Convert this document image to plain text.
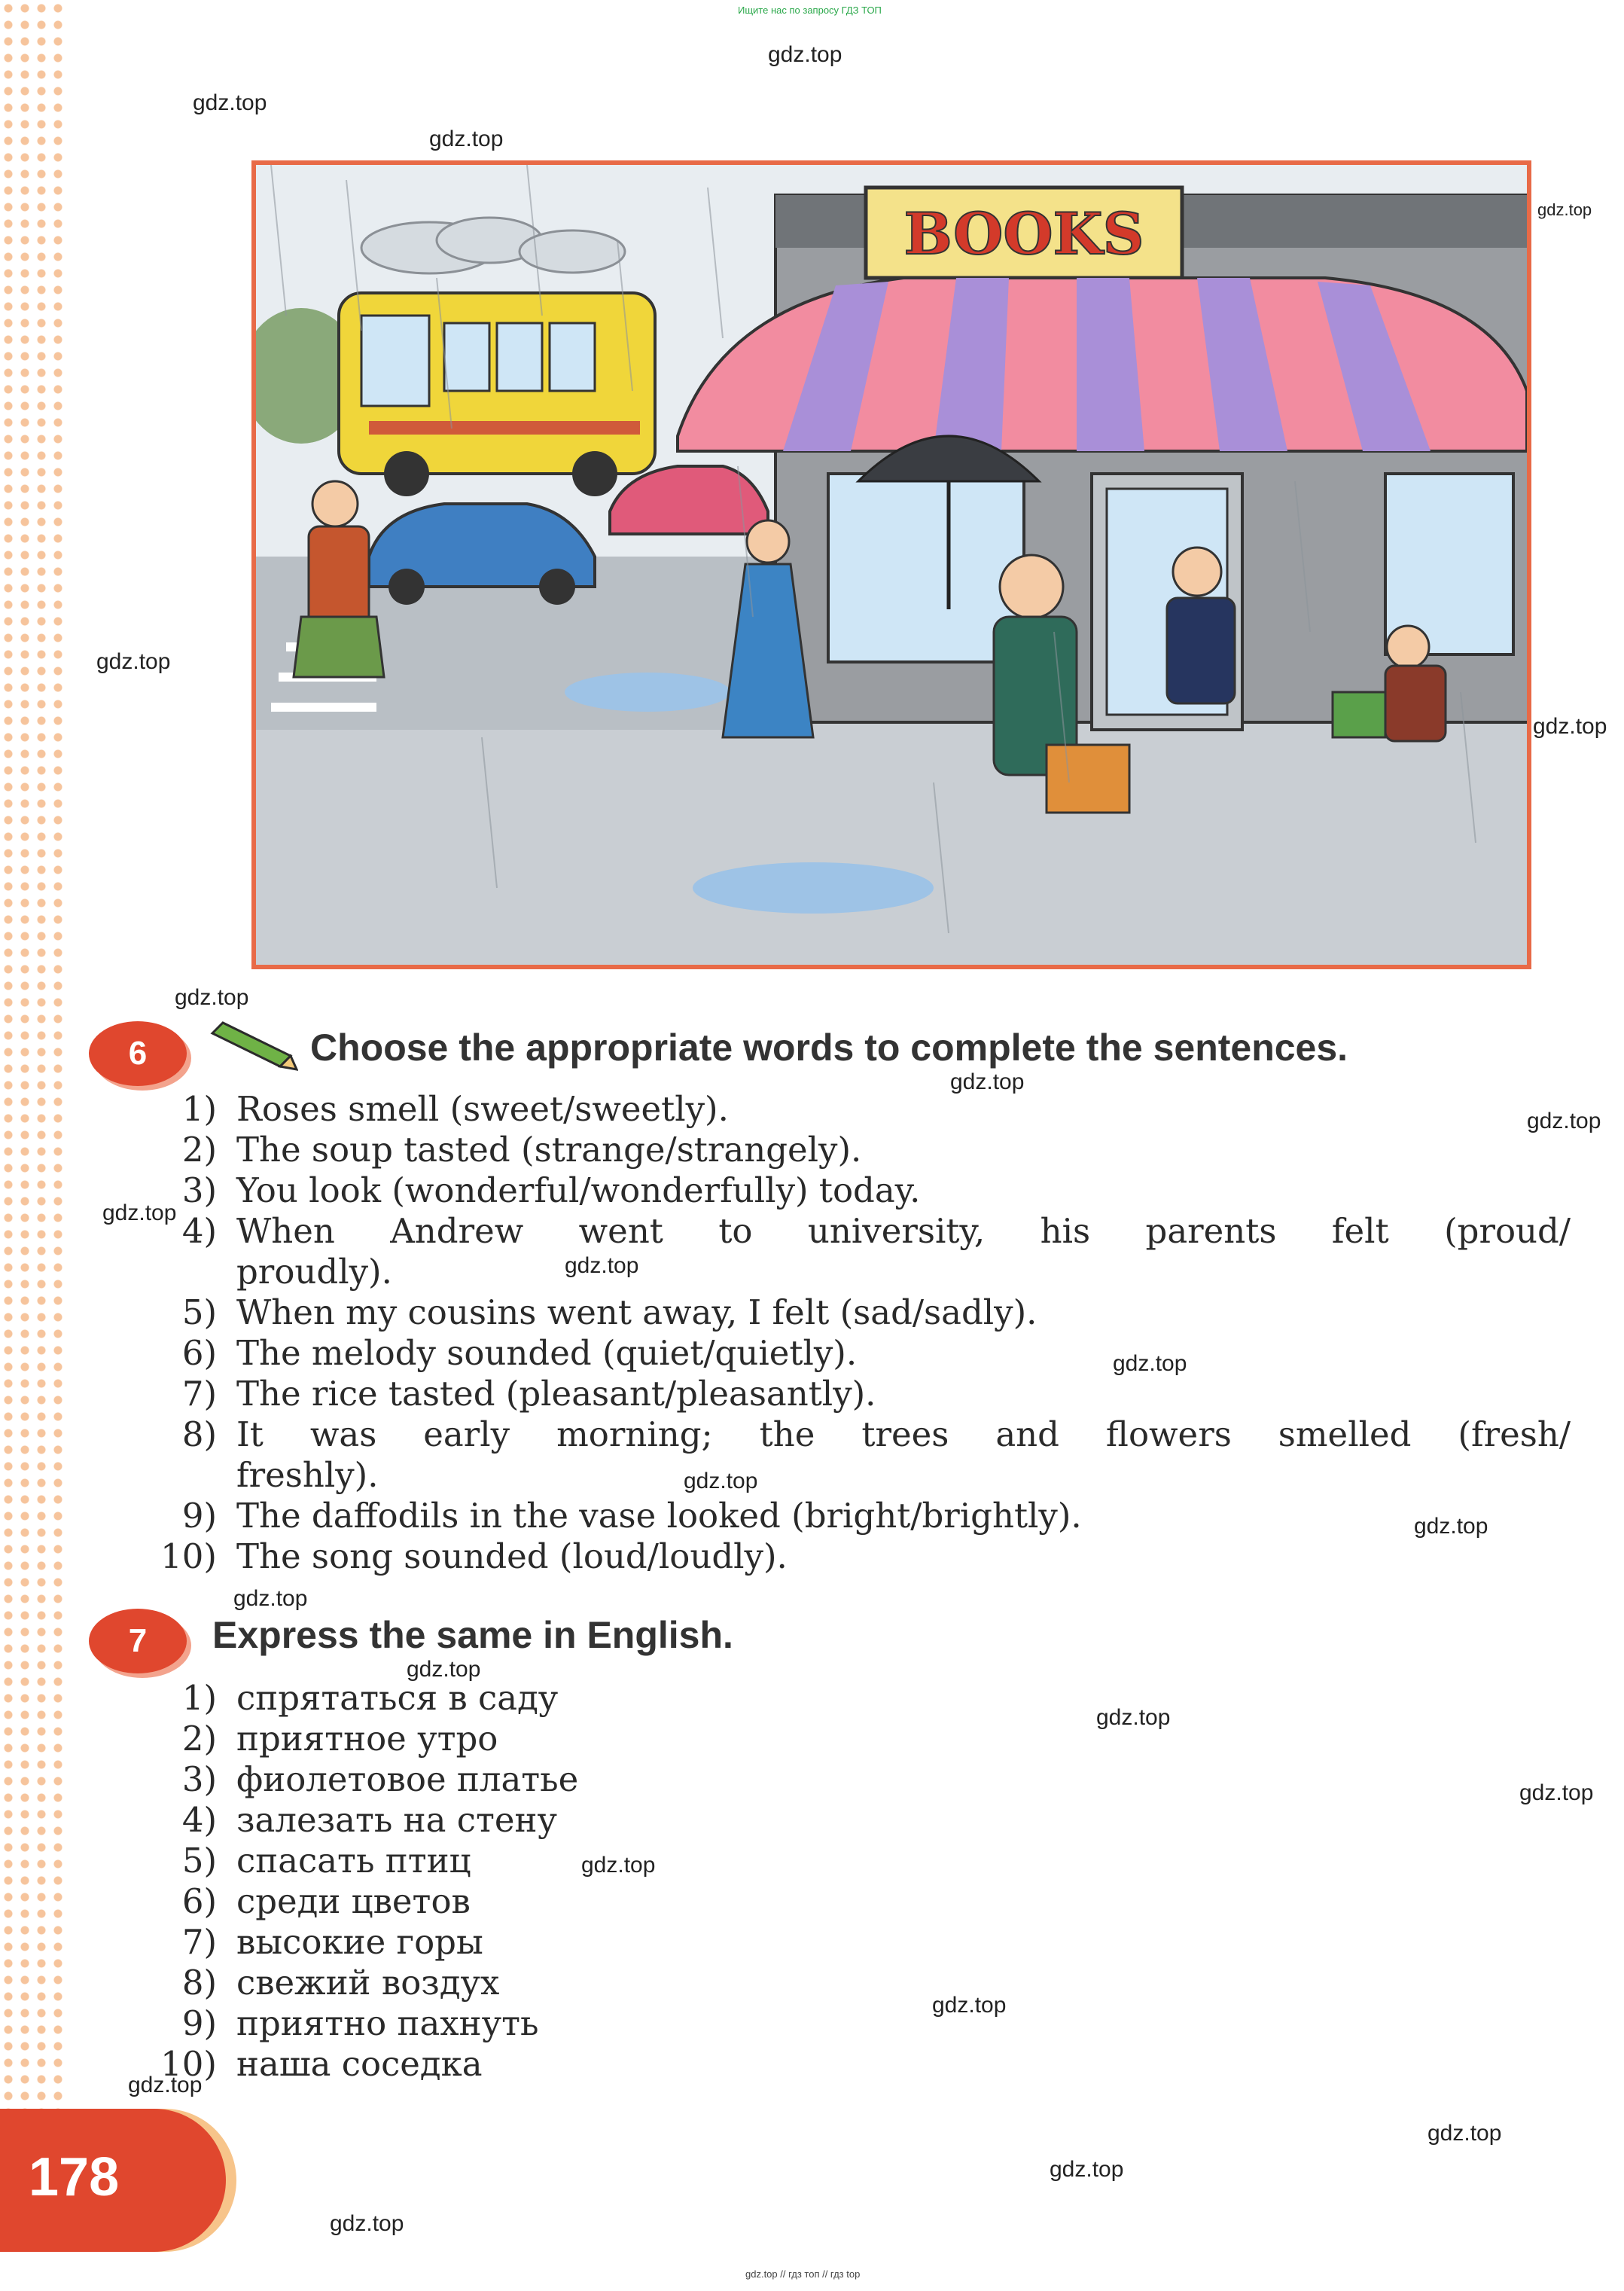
Ищите нас по запросу ГДЗ ТОП
gdz.top
gdz.top
gdz.top
gdz.top
gdz.top
gdz.top
gdz.top
gdz.top
gdz.top
gdz.top
gdz.top
gdz.top
gdz.top
gdz.top
gdz.top
gdz.top
gdz.top
gdz.top
gdz.top
gdz.top
gdz.top
gdz.top
gdz.top
gdz.top
BOOKS
6	Choose the appropriate words to complete the sentences.
1) Roses smell (sweet/sweetly).
2) The soup tasted (strange/strangely).
3) You look (wonderful/wonderfully) today.
4) When Andrew went to university, his parents felt (proud/
proudly).
5) When my cousins went away, I felt (sad/sadly).
6) The melody sounded (quiet/quietly).
7) The rice tasted (pleasant/pleasantly).
8) It was early morning; the trees and flowers smelled (fresh/
freshly).
9) The daffodils in the vase looked (bright/brightly).
10) The song sounded (loud/loudly).
7	Express the same in English.
1) спрятаться в саду
2) приятное утро
3) фиолетовое платье
4) залезать на стену
5) спасать птиц
6) среди цветов
7) высокие горы
8) свежий воздух
9) приятно пахнуть
10) наша соседка
178
gdz.top // гдз топ // гдз top
